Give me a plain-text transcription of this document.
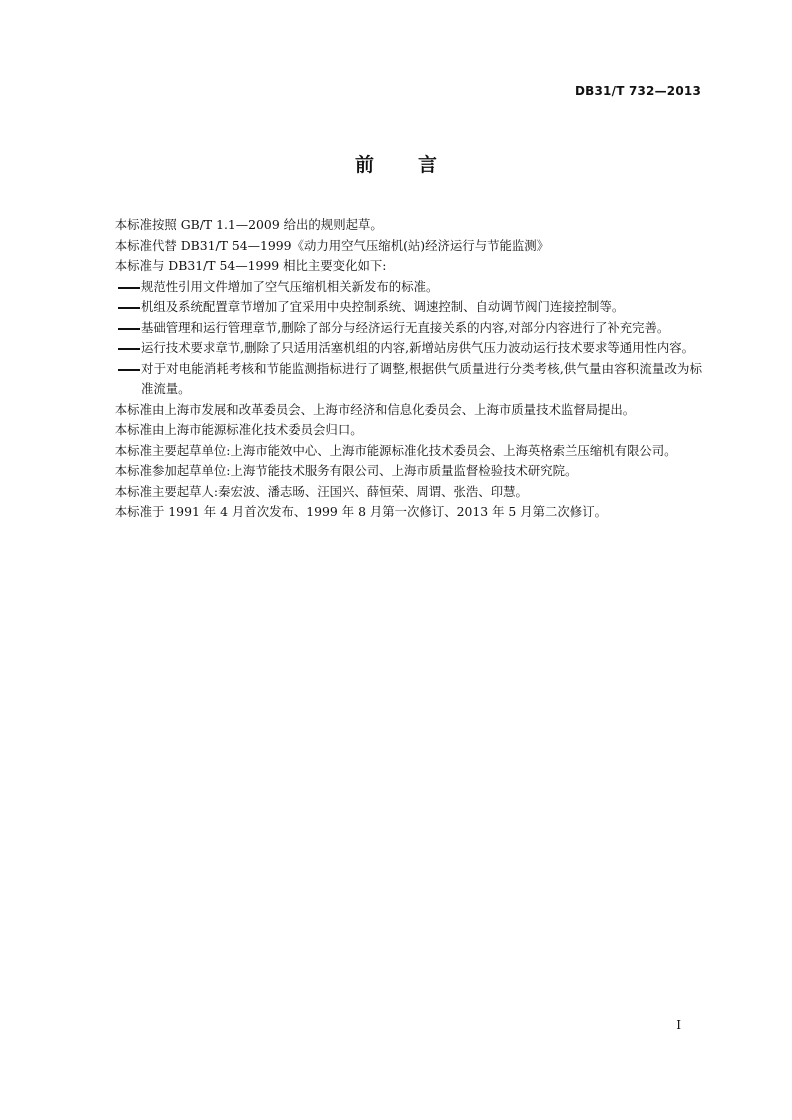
DB31/T 732—2013
前言

本标准按照 GB/T 1.1—2009 给出的规则起草。

本标准代替 DB31/T 54—1999《动力用空气压缩机(站)经济运行与节能监测》

本标准与 DB31/T 54—1999 相比主要变化如下:

规范性引用文件增加了空气压缩机相关新发布的标准。
机组及系统配置章节增加了宜采用中央控制系统、调速控制、自动调节阀门连接控制等。
基础管理和运行管理章节,删除了部分与经济运行无直接关系的内容,对部分内容进行了补充完善。
运行技术要求章节,删除了只适用活塞机组的内容,新增站房供气压力波动运行技术要求等通用性内容。
对于对电能消耗考核和节能监测指标进行了调整,根据供气质量进行分类考核,供气量由容积流量改为标准流量。

本标准由上海市发展和改革委员会、上海市经济和信息化委员会、上海市质量技术监督局提出。

本标准由上海市能源标准化技术委员会归口。

本标准主要起草单位:上海市能效中心、上海市能源标准化技术委员会、上海英格索兰压缩机有限公司。

本标准参加起草单位:上海节能技术服务有限公司、上海市质量监督检验技术研究院。

本标准主要起草人:秦宏波、潘志旸、汪国兴、薛恒荣、周谓、张浩、印慧。

本标准于 1991 年 4 月首次发布、1999 年 8 月第一次修订、2013 年 5 月第二次修订。

I
